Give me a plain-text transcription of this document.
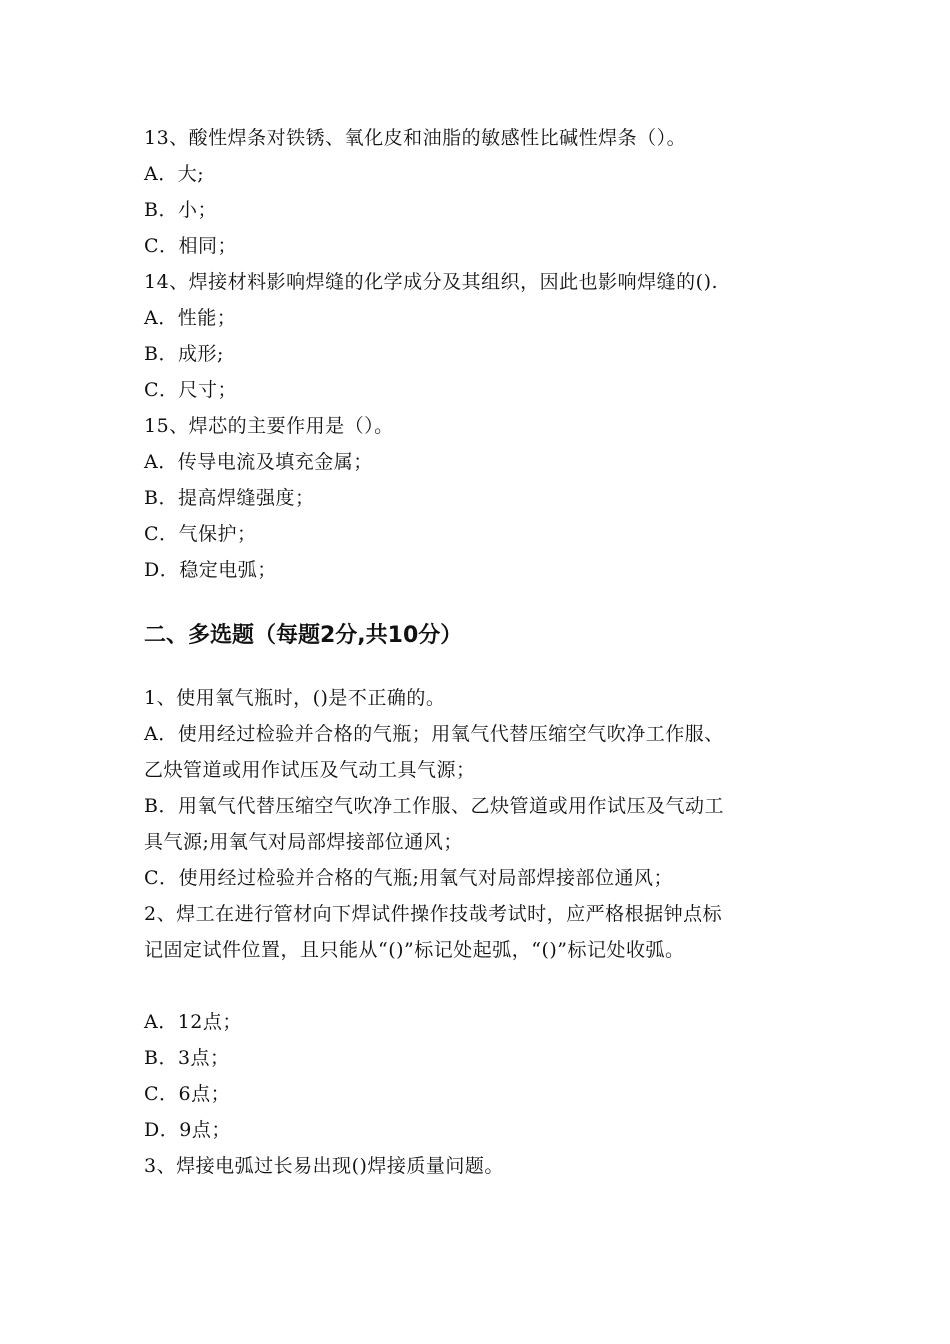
13、酸性焊条对铁锈、氧化皮和油脂的敏感性比碱性焊条（）。
A．大;
B．小；
C．相同；
14、焊接材料影响焊缝的化学成分及其组织，因此也影响焊缝的().
A．性能；
B．成形;
C．尺寸；
15、焊芯的主要作用是（）。
A．传导电流及填充金属；
B．提高焊缝强度；
C．气保护；
D．稳定电弧；
二、多选题（每题2分,共10分）
1、使用氧气瓶时，()是不正确的。
A．使用经过检验并合格的气瓶；用氧气代替压缩空气吹净工作服、
乙炔管道或用作试压及气动工具气源；
B．用氧气代替压缩空气吹净工作服、乙炔管道或用作试压及气动工
具气源;用氧气对局部焊接部位通风；
C．使用经过检验并合格的气瓶;用氧气对局部焊接部位通风；
2、焊工在进行管材向下焊试件操作技哉考试时，应严格根据钟点标
记固定试件位置，且只能从“()”标记处起弧，“()”标记处收弧。
A．12点；
B．3点；
C．6点；
D．9点；
3、焊接电弧过长易出现()焊接质量问题。
